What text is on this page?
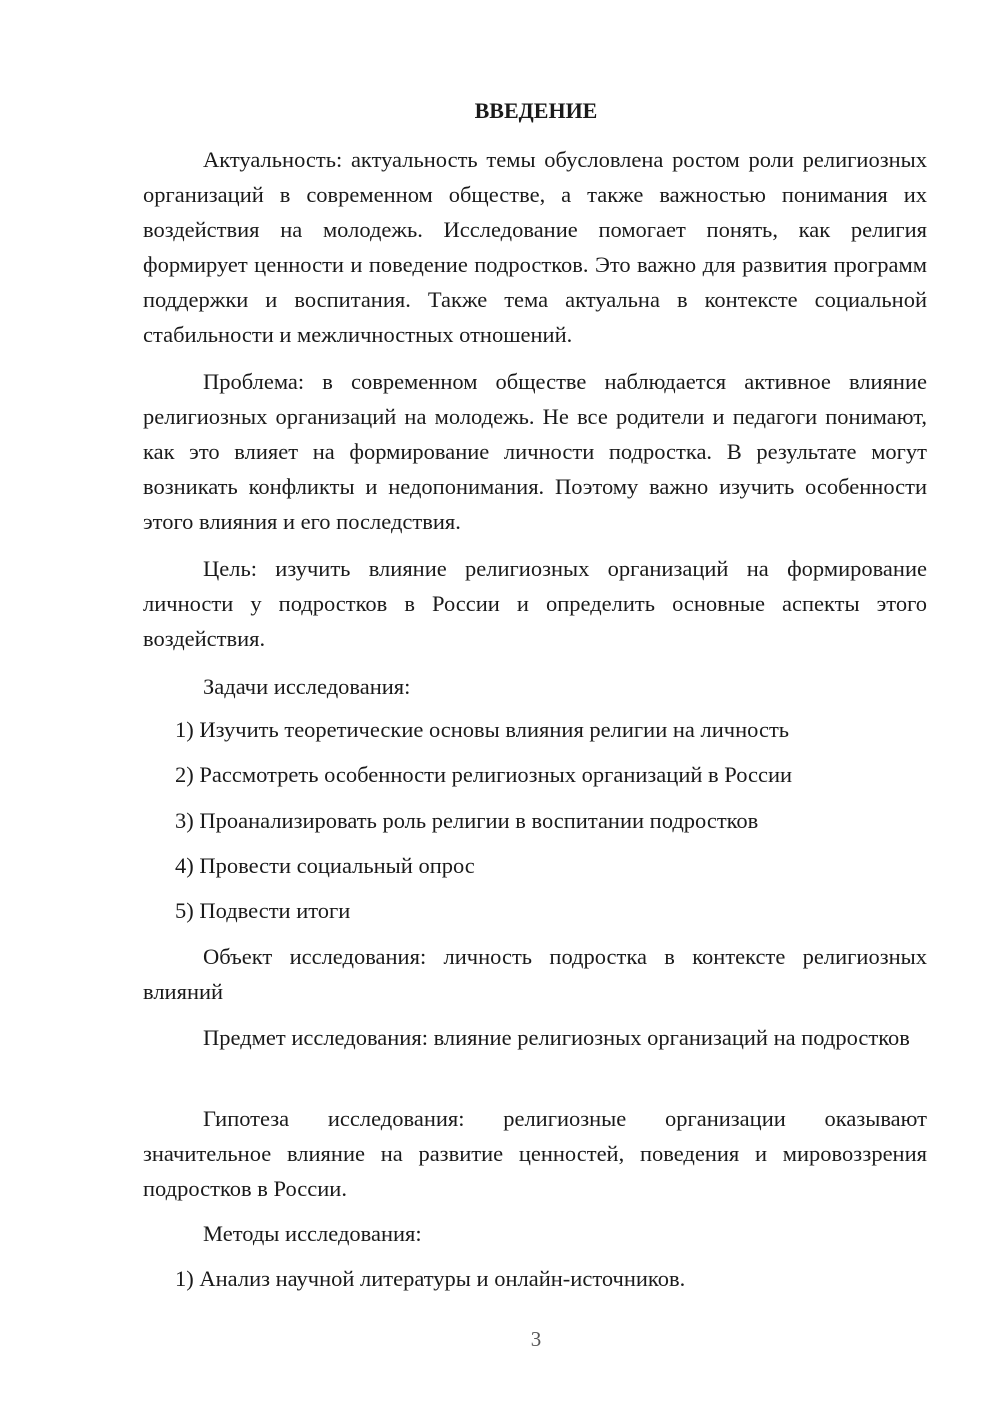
ВВЕДЕНИЕ

Актуальность: актуальность темы обусловлена ростом роли религиозных организаций в современном обществе, а также важностью понимания их воздействия на молодежь. Исследование помогает понять, как религия формирует ценности и поведение подростков. Это важно для развития программ поддержки и воспитания. Также тема актуальна в контексте социальной стабильности и межличностных отношений.

Проблема: в современном обществе наблюдается активное влияние религиозных организаций на молодежь. Не все родители и педагоги понимают, как это влияет на формирование личности подростка. В результате могут возникать конфликты и недопонимания. Поэтому важно изучить особенности этого влияния и его последствия.

Цель: изучить влияние религиозных организаций на формирование личности у подростков в России и определить основные аспекты этого воздействия.

Задачи исследования:

1) Изучить теоретические основы влияния религии на личность

2) Рассмотреть особенности религиозных организаций в России

3) Проанализировать роль религии в воспитании подростков

4) Провести социальный опрос

5) Подвести итоги

Объект исследования: личность подростка в контексте религиозных влияний

Предмет исследования: влияние религиозных организаций на подростков

Гипотеза исследования: религиозные организации оказывают значительное влияние на развитие ценностей, поведения и мировоззрения подростков в России.

Методы исследования:

1) Анализ научной литературы и онлайн-источников.

3
